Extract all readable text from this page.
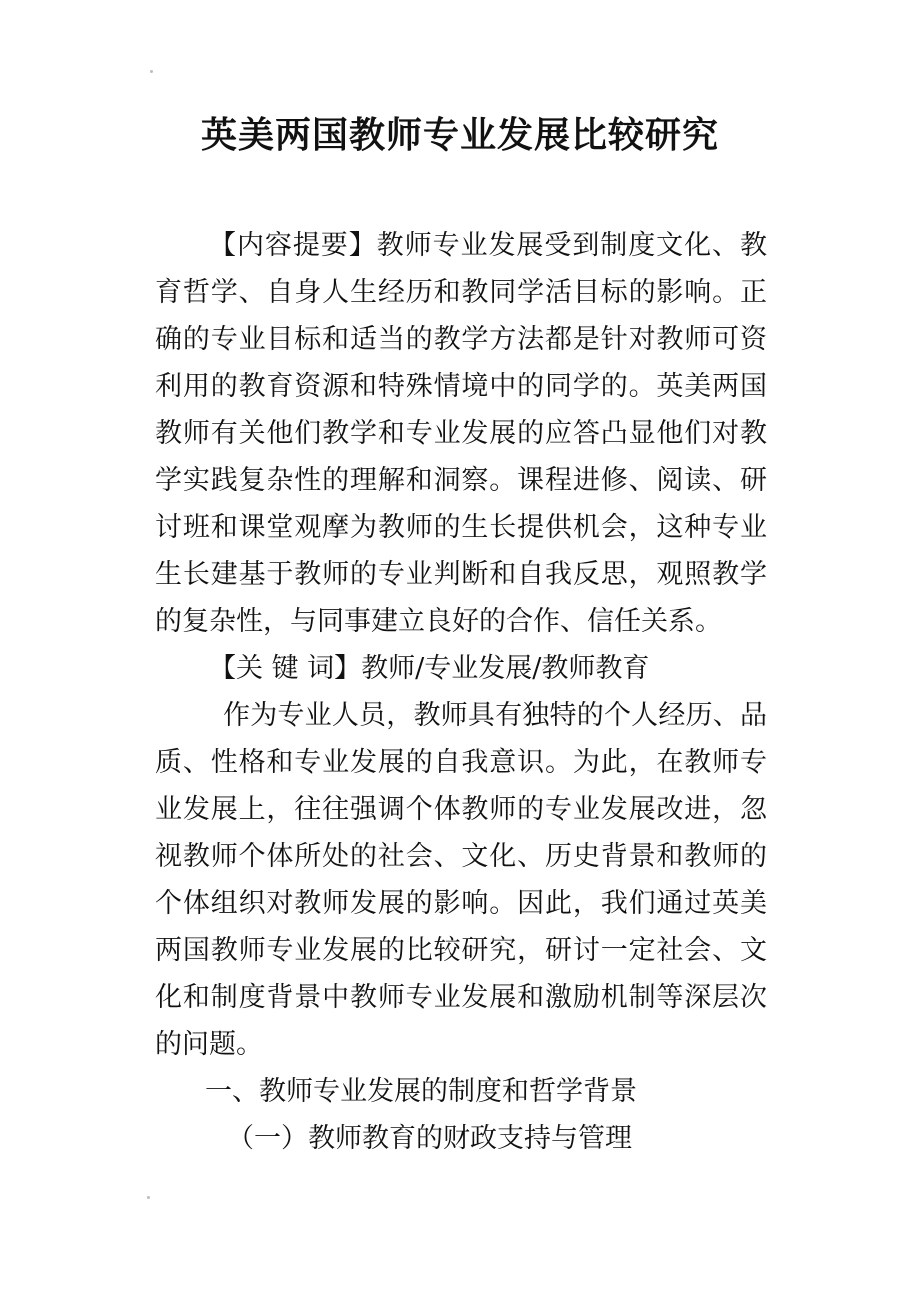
英美两国教师专业发展比较研究

【内容提要】教师专业发展受到制度文化、教育哲学、自身人生经历和教同学活目标的影响。正确的专业目标和适当的教学方法都是针对教师可资利用的教育资源和特殊情境中的同学的。英美两国教师有关他们教学和专业发展的应答凸显他们对教学实践复杂性的理解和洞察。课程进修、阅读、研讨班和课堂观摩为教师的生长提供机会，这种专业生长建基于教师的专业判断和自我反思，观照教学的复杂性，与同事建立良好的合作、信任关系。

【关 键 词】教师/专业发展/教师教育

作为专业人员，教师具有独特的个人经历、品质、性格和专业发展的自我意识。为此，在教师专业发展上，往往强调个体教师的专业发展改进，忽视教师个体所处的社会、文化、历史背景和教师的个体组织对教师发展的影响。因此，我们通过英美两国教师专业发展的比较研究，研讨一定社会、文化和制度背景中教师专业发展和激励机制等深层次的问题。

一、教师专业发展的制度和哲学背景

（一）教师教育的财政支持与管理
